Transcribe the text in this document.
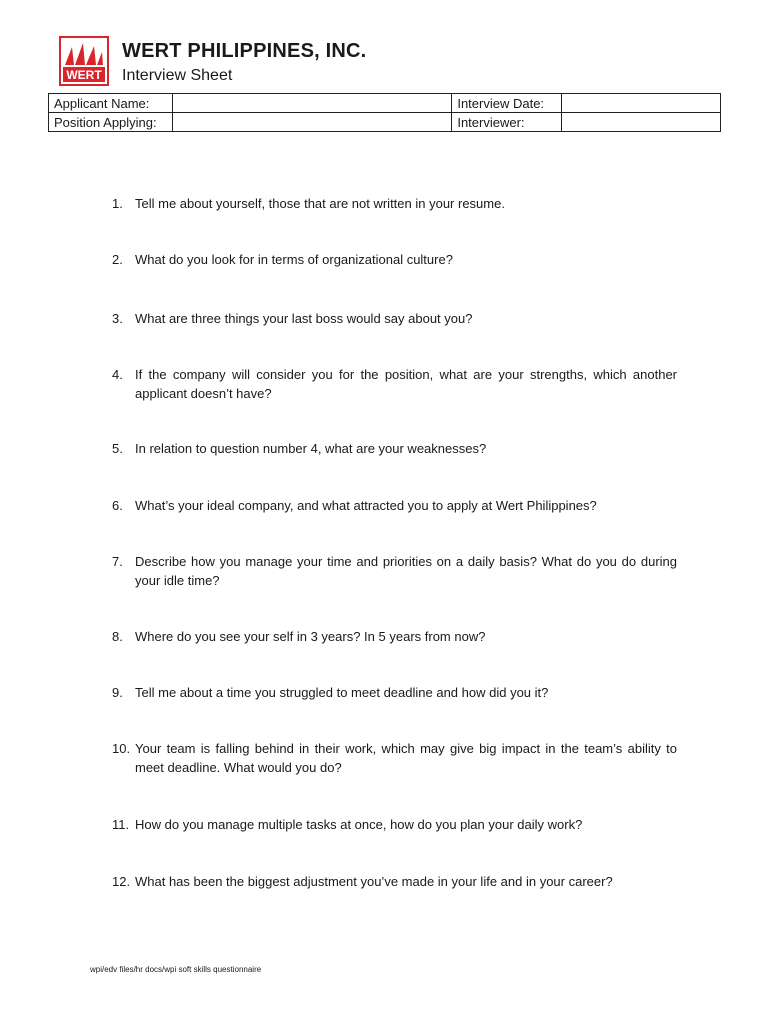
WERT
WERT PHILIPPINES, INC.
Interview Sheet
Applicant Name:		Interview Date:	
Position Applying:		Interviewer:	
1. Tell me about yourself, those that are not written in your resume.
2. What do you look for in terms of organizational culture?
3. What are three things your last boss would say about you?
4. If the company will consider you for the position, what are your strengths, which another applicant doesn’t have?
5. In relation to question number 4, what are your weaknesses?
6. What’s your ideal company, and what attracted you to apply at Wert Philippines?
7. Describe how you manage your time and priorities on a daily basis? What do you do during your idle time?
8. Where do you see your self in 3 years? In 5 years from now?
9. Tell me about a time you struggled to meet deadline and how did you it?
10. Your team is falling behind in their work, which may give big impact in the team’s ability to meet deadline. What would you do?
11. How do you manage multiple tasks at once, how do you plan your daily work?
12. What has been the biggest adjustment you’ve made in your life and in your career?
wpi/edv files/hr docs/wpi soft skills questionnaire
